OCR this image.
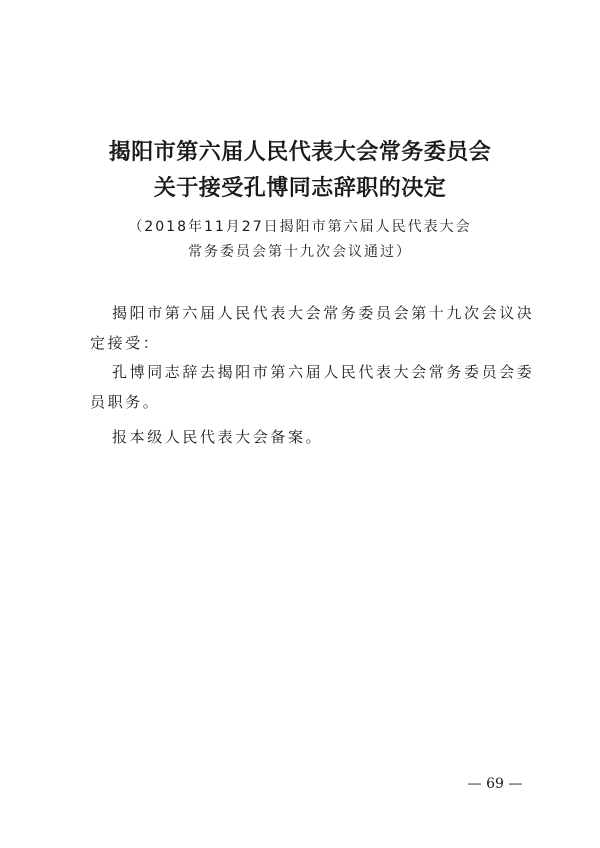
揭阳市第六届人民代表大会常务委员会
关于接受孔博同志辞职的决定
（2018年11月27日揭阳市第六届人民代表大会
常务委员会第十九次会议通过）
揭阳市第六届人民代表大会常务委员会第十九次会议决
定接受：
孔博同志辞去揭阳市第六届人民代表大会常务委员会委
员职务。
报本级人民代表大会备案。
— 69 —
